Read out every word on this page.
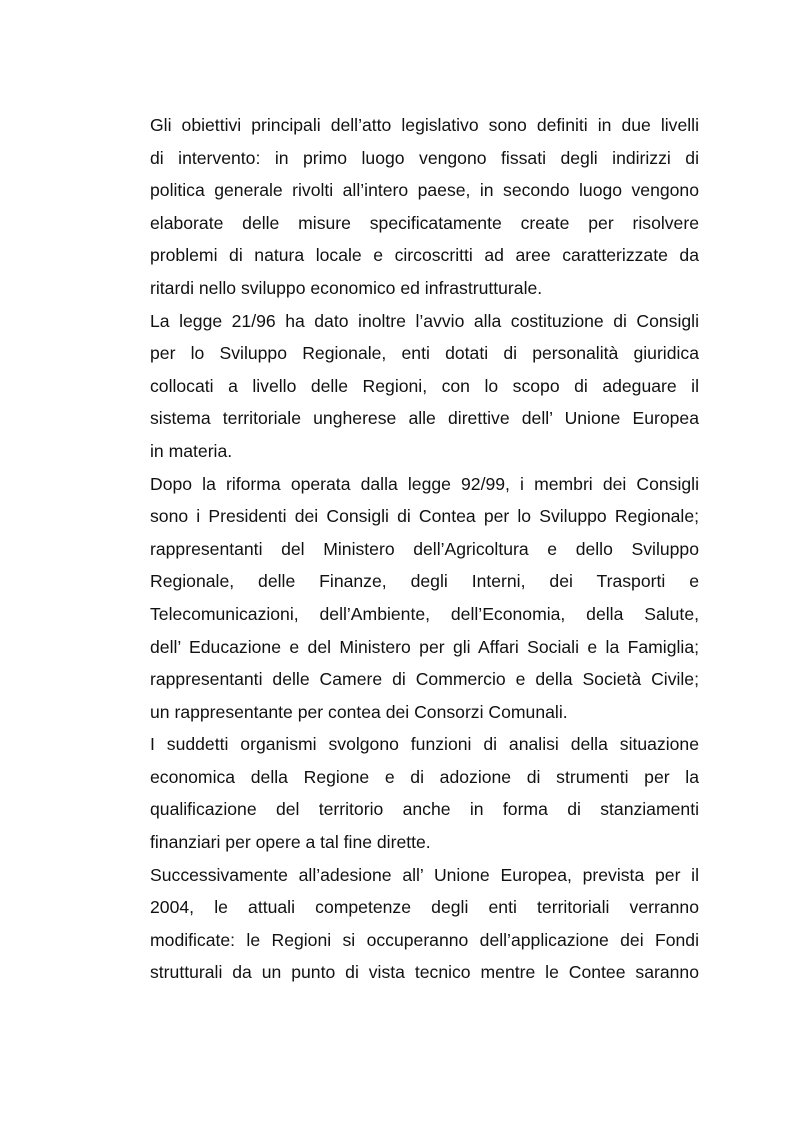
Gli obiettivi principali dell’atto legislativo sono definiti in due livelli
di intervento: in primo luogo vengono fissati degli indirizzi di
politica generale rivolti all’intero paese, in secondo luogo vengono
elaborate delle misure specificatamente create per risolvere
problemi di natura locale e circoscritti ad aree caratterizzate da
ritardi nello sviluppo economico ed infrastrutturale.

La legge 21/96 ha dato inoltre l’avvio alla costituzione di Consigli
per lo Sviluppo Regionale, enti dotati di personalità giuridica
collocati a livello delle Regioni, con lo scopo di adeguare il
sistema territoriale ungherese alle direttive dell’ Unione Europea
in materia.

Dopo la riforma operata dalla legge 92/99, i membri dei Consigli
sono i Presidenti dei Consigli di Contea per lo Sviluppo Regionale;
rappresentanti del Ministero dell’Agricoltura e dello Sviluppo
Regionale, delle Finanze, degli Interni, dei Trasporti e
Telecomunicazioni, dell’Ambiente, dell’Economia, della Salute,
dell’ Educazione e del Ministero per gli Affari Sociali e la Famiglia;
rappresentanti delle Camere di Commercio e della Società Civile;
un rappresentante per contea dei Consorzi Comunali.

I suddetti organismi svolgono funzioni di analisi della situazione
economica della Regione e di adozione di strumenti per la
qualificazione del territorio anche in forma di stanziamenti
finanziari per opere a tal fine dirette.

Successivamente all’adesione all’ Unione Europea, prevista per il
2004, le attuali competenze degli enti territoriali verranno
modificate: le Regioni si occuperanno dell’applicazione dei Fondi
strutturali da un punto di vista tecnico mentre le Contee saranno
